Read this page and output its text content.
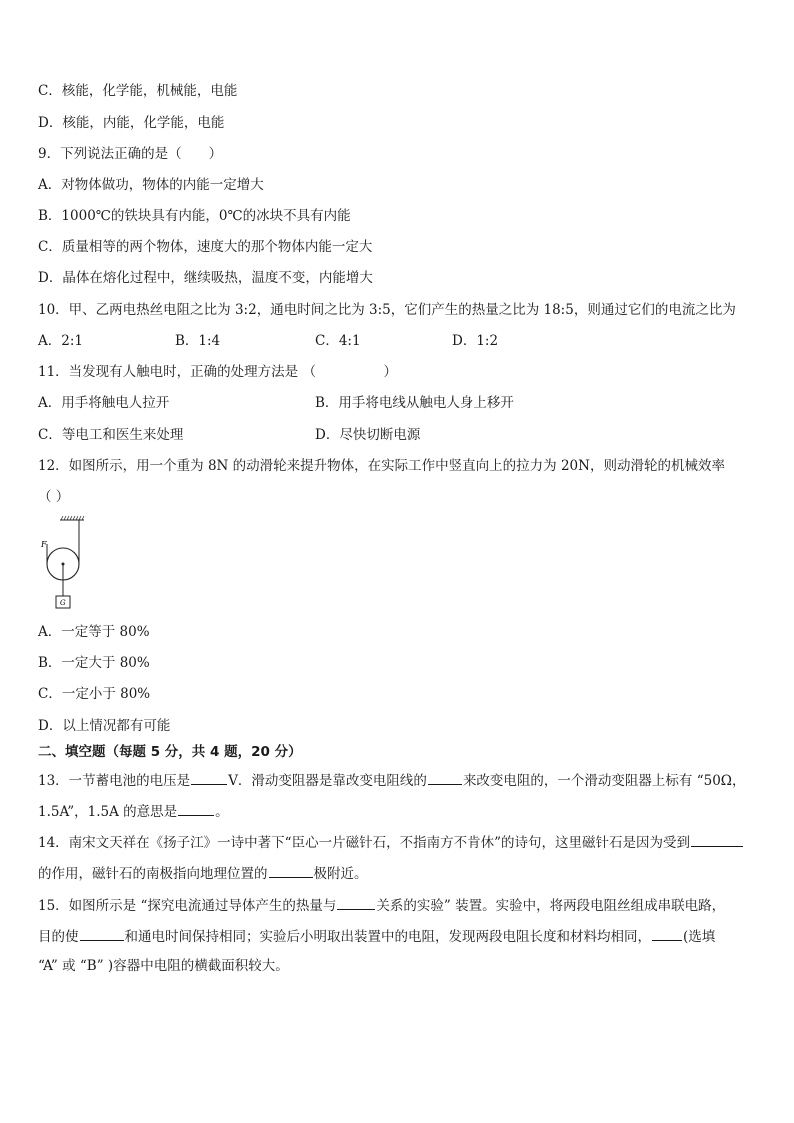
C．核能，化学能，机械能，电能
D．核能，内能，化学能，电能
9．下列说法正确的是（　　）
A．对物体做功，物体的内能一定增大
B．1000℃的铁块具有内能，0℃的冰块不具有内能
C．质量相等的两个物体，速度大的那个物体内能一定大
D．晶体在熔化过程中，继续吸热，温度不变，内能增大
10．甲、乙两电热丝电阻之比为 3:2，通电时间之比为 3:5，它们产生的热量之比为 18:5，则通过它们的电流之比为
A．2:1	B．1:4	C．4:1	D．1:2
11．当发现有人触电时，正确的处理方法是 （　　　　　）
A．用手将触电人拉开	B．用手将电线从触电人身上移开
C．等电工和医生来处理	D．尽快切断电源
12．如图所示，用一个重为 8N 的动滑轮来提升物体，在实际工作中竖直向上的拉力为 20N，则动滑轮的机械效率
（ ）
F
G
A．一定等于 80%
B．一定大于 80%
C．一定小于 80%
D．以上情况都有可能
二、填空题（每题 5 分，共 4 题，20 分）
13．一节蓄电池的电压是	V．滑动变阻器是靠改变电阻线的	来改变电阻的，一个滑动变阻器上标有 “50Ω，
1.5A”，1.5A 的意思是	。
14．南宋文天祥在《扬子江》一诗中著下“臣心一片磁针石，不指南方不肯休”的诗句，这里磁针石是因为受到
的作用，磁针石的南极指向地理位置的	极附近。
15．如图所示是 “探究电流通过导体产生的热量与	关系的实验” 装置。实验中，将两段电阻丝组成串联电路，
目的使	和通电时间保持相同；实验后小明取出装置中的电阻，发现两段电阻长度和材料均相同， (选填
“A” 或 “B” )容器中电阻的横截面积较大。
